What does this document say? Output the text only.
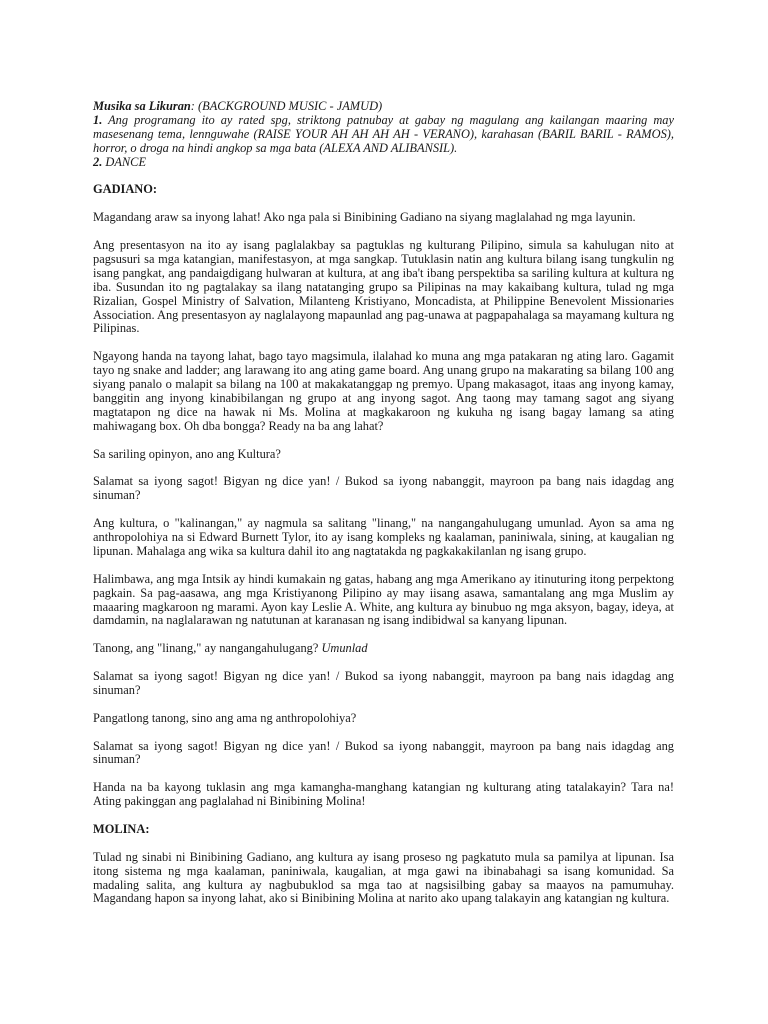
Musika sa Likuran: (BACKGROUND MUSIC - JAMUD)
1. Ang programang ito ay rated spg, striktong patnubay at gabay ng magulang ang kailangan maaring may masesenang tema, lennguwahe (RAISE YOUR AH AH AH AH - VERANO), karahasan (BARIL BARIL - RAMOS), horror, o droga na hindi angkop sa mga bata (ALEXA AND ALIBANSIL).
2. DANCE

GADIANO:

Magandang araw sa inyong lahat! Ako nga pala si Binibining Gadiano na siyang maglalahad ng mga layunin.

Ang presentasyon na ito ay isang paglalakbay sa pagtuklas ng kulturang Pilipino, simula sa kahulugan nito at pagsusuri sa mga katangian, manifestasyon, at mga sangkap. Tutuklasin natin ang kultura bilang isang tungkulin ng isang pangkat, ang pandaigdigang hulwaran at kultura, at ang iba't ibang perspektiba sa sariling kultura at kultura ng iba. Susundan ito ng pagtalakay sa ilang natatanging grupo sa Pilipinas na may kakaibang kultura, tulad ng mga Rizalian, Gospel Ministry of Salvation, Milanteng Kristiyano, Moncadista, at Philippine Benevolent Missionaries Association. Ang presentasyon ay naglalayong mapaunlad ang pag-unawa at pagpapahalaga sa mayamang kultura ng Pilipinas.

Ngayong handa na tayong lahat, bago tayo magsimula, ilalahad ko muna ang mga patakaran ng ating laro. Gagamit tayo ng snake and ladder; ang larawang ito ang ating game board. Ang unang grupo na makarating sa bilang 100 ang siyang panalo o malapit sa bilang na 100 at makakatanggap ng premyo. Upang makasagot, itaas ang inyong kamay, banggitin ang inyong kinabibilangan ng grupo at ang inyong sagot. Ang taong may tamang sagot ang siyang magtatapon ng dice na hawak ni Ms. Molina at magkakaroon ng kukuha ng isang bagay lamang sa ating mahiwagang box. Oh dba bongga? Ready na ba ang lahat?

Sa sariling opinyon, ano ang Kultura?

Salamat sa iyong sagot! Bigyan ng dice yan! / Bukod sa iyong nabanggit, mayroon pa bang nais idagdag ang sinuman?

Ang kultura, o "kalinangan," ay nagmula sa salitang "linang," na nangangahulugang umunlad. Ayon sa ama ng anthropolohiya na si Edward Burnett Tylor, ito ay isang kompleks ng kaalaman, paniniwala, sining, at kaugalian ng lipunan. Mahalaga ang wika sa kultura dahil ito ang nagtatakda ng pagkakakilanlan ng isang grupo.

Halimbawa, ang mga Intsik ay hindi kumakain ng gatas, habang ang mga Amerikano ay itinuturing itong perpektong pagkain. Sa pag-aasawa, ang mga Kristiyanong Pilipino ay may iisang asawa, samantalang ang mga Muslim ay maaaring magkaroon ng marami. Ayon kay Leslie A. White, ang kultura ay binubuo ng mga aksyon, bagay, ideya, at damdamin, na naglalarawan ng natutunan at karanasan ng isang indibidwal sa kanyang lipunan.

Tanong, ang "linang," ay nangangahulugang? Umunlad

Salamat sa iyong sagot! Bigyan ng dice yan! / Bukod sa iyong nabanggit, mayroon pa bang nais idagdag ang sinuman?

Pangatlong tanong, sino ang ama ng anthropolohiya?

Salamat sa iyong sagot! Bigyan ng dice yan! / Bukod sa iyong nabanggit, mayroon pa bang nais idagdag ang sinuman?

Handa na ba kayong tuklasin ang mga kamangha-manghang katangian ng kulturang ating tatalakayin? Tara na! Ating pakinggan ang paglalahad ni Binibining Molina!

MOLINA:

Tulad ng sinabi ni Binibining Gadiano, ang kultura ay isang proseso ng pagkatuto mula sa pamilya at lipunan. Isa itong sistema ng mga kaalaman, paniniwala, kaugalian, at mga gawi na ibinabahagi sa isang komunidad. Sa madaling salita, ang kultura ay nagbubuklod sa mga tao at nagsisilbing gabay sa maayos na pamumuhay. Magandang hapon sa inyong lahat, ako si Binibining Molina at narito ako upang talakayin ang katangian ng kultura.
